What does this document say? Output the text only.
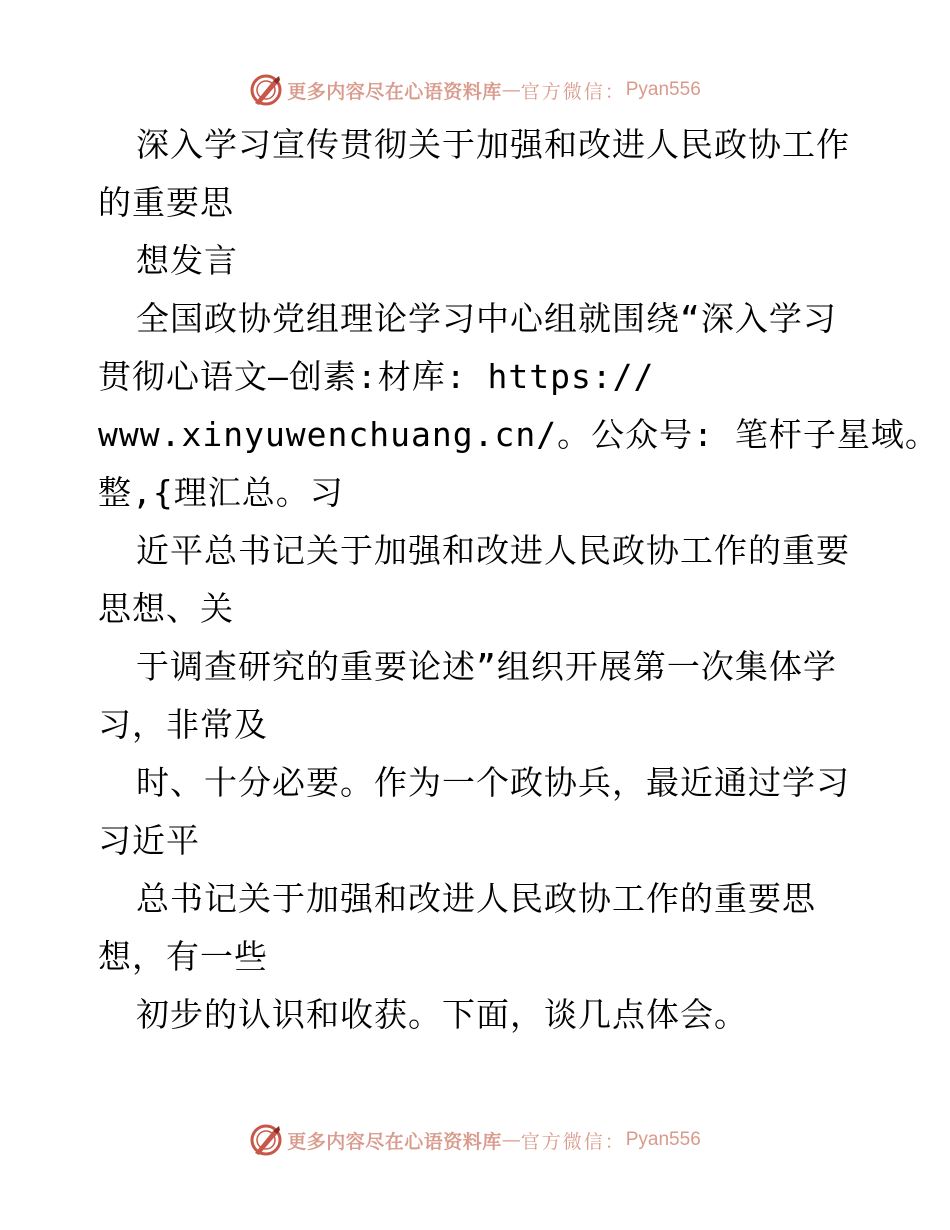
更多内容尽在心语资料库 — 官方微信： Pyan556
深入学习宣传贯彻关于加强和改进人民政协工作
的重要思
想发言
全国政协党组理论学习中心组就围绕“深入学习
贯彻心语文—创素:材库: https://
www.xinyuwenchuang.cn/。公众号: 笔杆子星域。
整,{理汇总。习
近平总书记关于加强和改进人民政协工作的重要
思想、关
于调查研究的重要论述”组织开展第一次集体学
习，非常及
时、十分必要。作为一个政协兵，最近通过学习
习近平
总书记关于加强和改进人民政协工作的重要思
想，有一些
初步的认识和收获。下面，谈几点体会。
更多内容尽在心语资料库 — 官方微信： Pyan556
